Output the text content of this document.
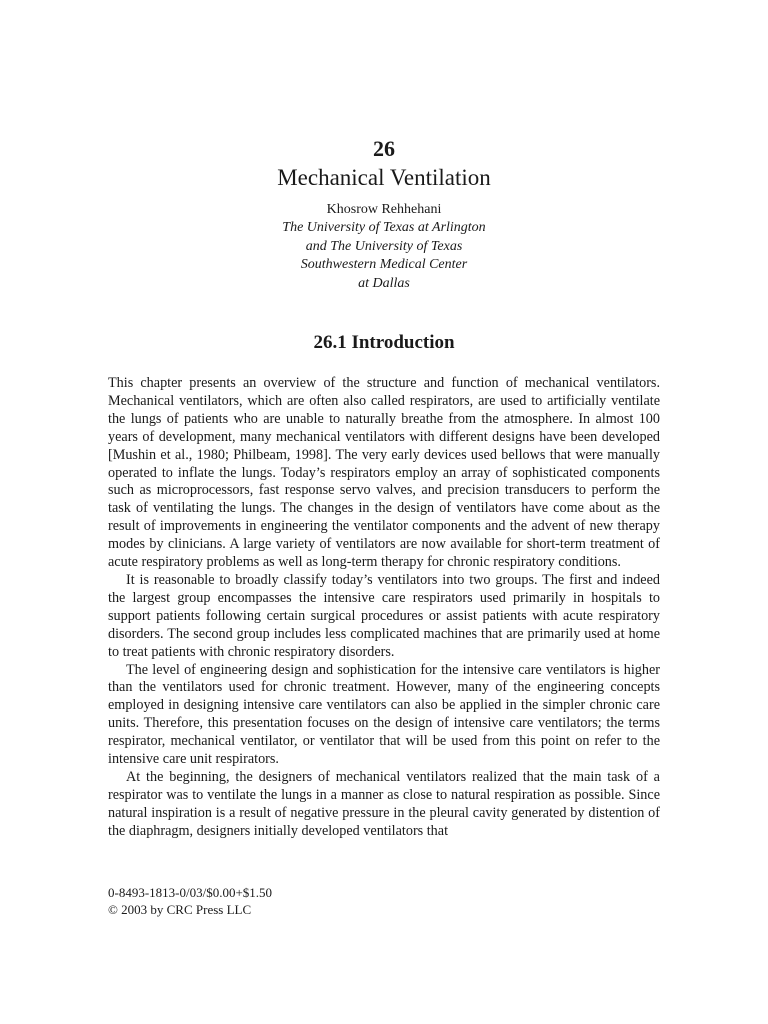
26
Mechanical Ventilation
Khosrow Rehhehani
The University of Texas at Arlington
and The University of Texas
Southwestern Medical Center
at Dallas
26.1 Introduction

This chapter presents an overview of the structure and function of mechanical ventilators. Mechanical ventilators, which are often also called respirators, are used to artificially ventilate the lungs of patients who are unable to naturally breathe from the atmosphere. In almost 100 years of development, many mechanical ventilators with different designs have been developed [Mushin et al., 1980; Philbeam, 1998]. The very early devices used bellows that were manually operated to inflate the lungs. Today’s respirators employ an array of sophisticated components such as microprocessors, fast response servo valves, and precision transducers to perform the task of ventilating the lungs. The changes in the design of ventilators have come about as the result of improvements in engineering the ventilator components and the advent of new therapy modes by clinicians. A large variety of ventilators are now available for short-term treatment of acute respiratory problems as well as long-term therapy for chronic respiratory conditions.

It is reasonable to broadly classify today’s ventilators into two groups. The first and indeed the largest group encompasses the intensive care respirators used primarily in hospitals to support patients following certain surgical procedures or assist patients with acute respiratory disorders. The second group includes less complicated machines that are primarily used at home to treat patients with chronic respiratory disorders.

The level of engineering design and sophistication for the intensive care ventilators is higher than the ventilators used for chronic treatment. However, many of the engineering concepts employed in designing intensive care ventilators can also be applied in the simpler chronic care units. Therefore, this presentation focuses on the design of intensive care ventilators; the terms respirator, mechanical ventilator, or ventilator that will be used from this point on refer to the intensive care unit respirators.

At the beginning, the designers of mechanical ventilators realized that the main task of a respirator was to ventilate the lungs in a manner as close to natural respiration as possible. Since natural inspiration is a result of negative pressure in the pleural cavity generated by distention of the diaphragm, designers initially developed ventilators that

0-8493-1813-0/03/$0.00+$1.50
© 2003 by CRC Press LLC
